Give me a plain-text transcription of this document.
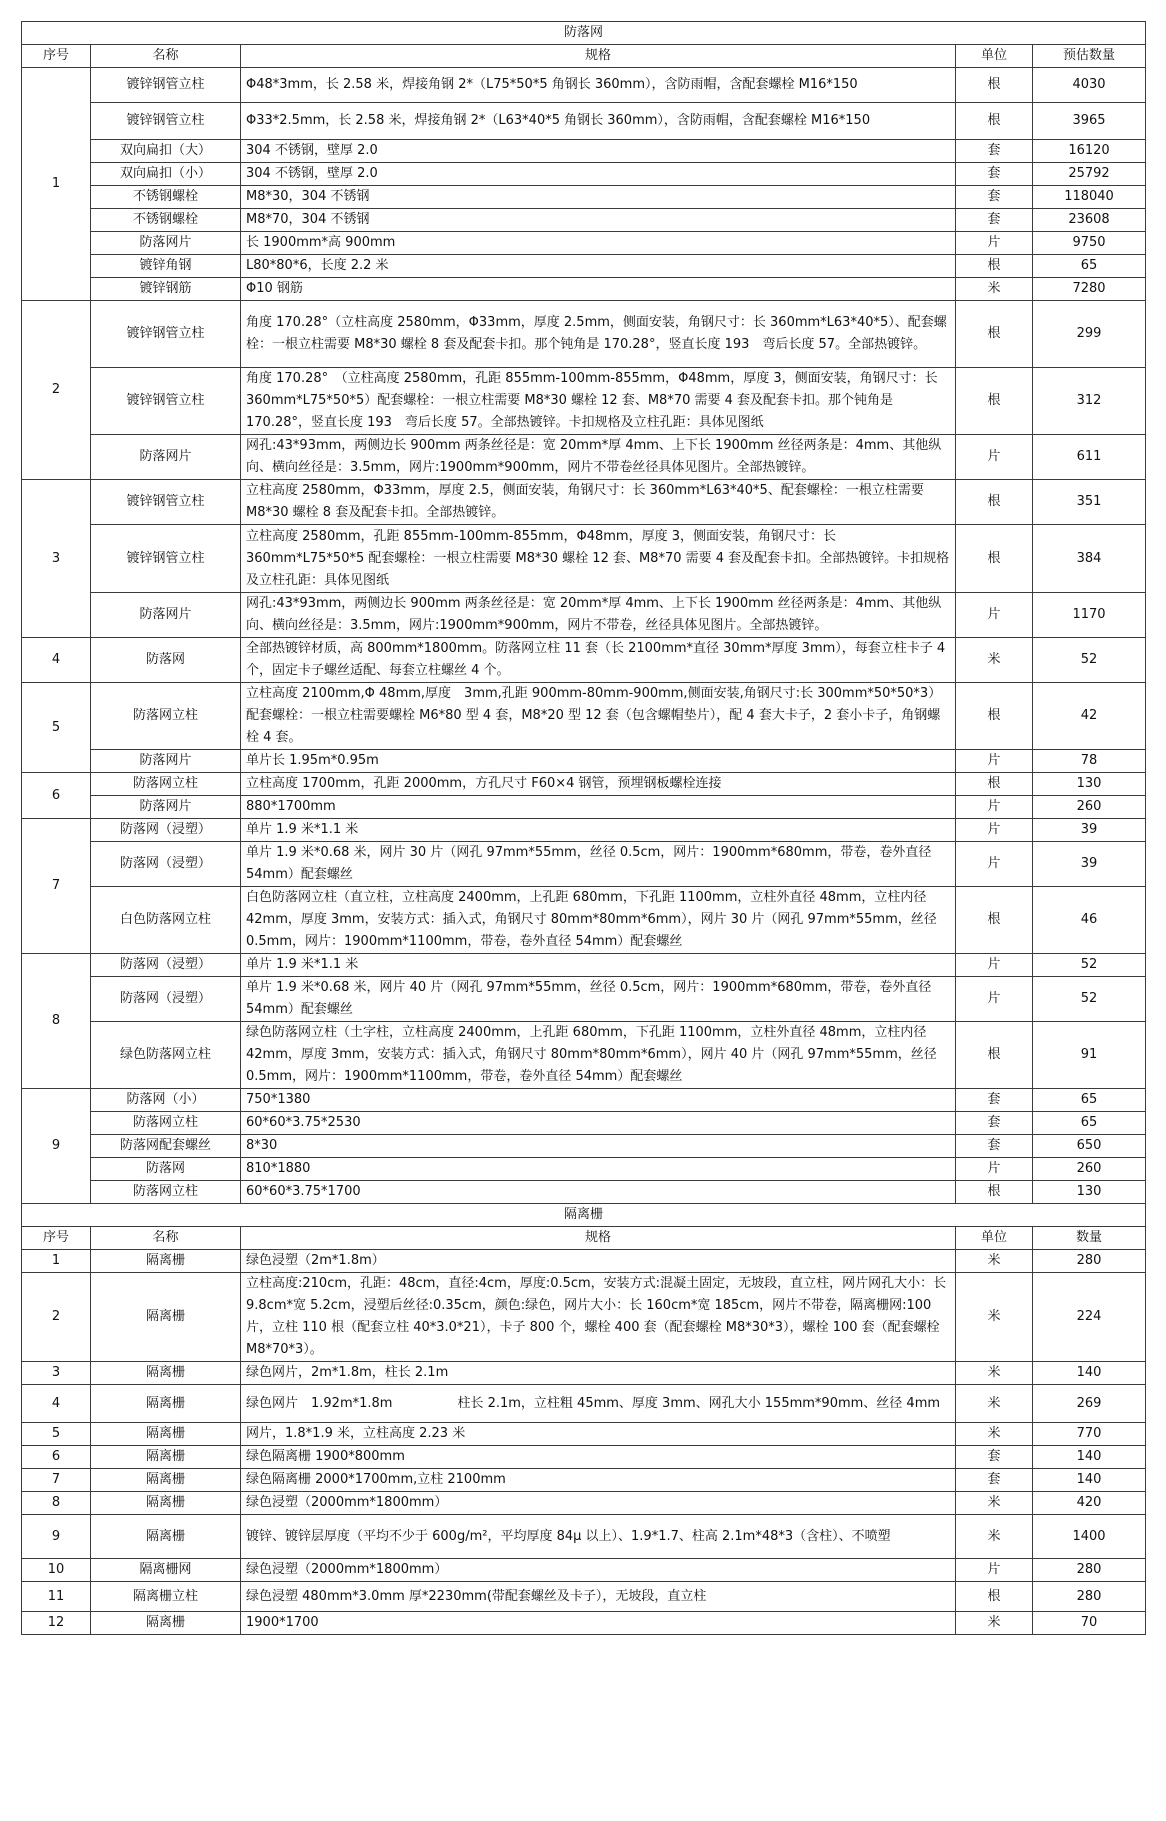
防落网				
序号	名称	规格	单位	预估数量
1	镀锌钢管立柱	Φ48*3mm，长 2.58 米，焊接角钢 2*（L75*50*5 角钢长 360mm），含防雨帽，含配套螺栓 M16*150	根	4030
	镀锌钢管立柱	Φ33*2.5mm，长 2.58 米，焊接角钢 2*（L63*40*5 角钢长 360mm），含防雨帽，含配套螺栓 M16*150	根	3965
	双向扁扣（大）	304 不锈钢，壁厚 2.0	套	16120
	双向扁扣（小）	304 不锈钢，壁厚 2.0	套	25792
	不锈钢螺栓	M8*30，304 不锈钢	套	118040
	不锈钢螺栓	M8*70，304 不锈钢	套	23608
	防落网片	长 1900mm*高 900mm	片	9750
	镀锌角钢	L80*80*6，长度 2.2 米	根	65
	镀锌钢筋	Φ10 钢筋	米	7280
2	镀锌钢管立柱	角度 170.28°（立柱高度 2580mm，Φ33mm，厚度 2.5mm，侧面安装，角钢尺寸：长 360mm*L63*40*5）、配套螺栓：一根立柱需要 M8*30 螺栓 8 套及配套卡扣。那个钝角是 170.28°，竖直长度 193　弯后长度 57。全部热镀锌。	根	299
	镀锌钢管立柱	角度 170.28°　（立柱高度 2580mm，孔距 855mm-100mm-855mm，Φ48mm，厚度 3，侧面安装，角钢尺寸：长 360mm*L75*50*5）配套螺栓：一根立柱需要 M8*30 螺栓 12 套、M8*70 需要 4 套及配套卡扣。那个钝角是 170.28°，竖直长度 193　弯后长度 57。全部热镀锌。卡扣规格及立柱孔距：具体见图纸	根	312
	防落网片	网孔:43*93mm，两侧边长 900mm 两条丝径是：宽 20mm*厚 4mm、上下长 1900mm 丝径两条是：4mm、其他纵向、横向丝径是：3.5mm，网片:1900mm*900mm，网片不带卷丝径具体见图片。全部热镀锌。	片	611
3	镀锌钢管立柱	立柱高度 2580mm，Φ33mm，厚度 2.5，侧面安装，角钢尺寸：长 360mm*L63*40*5、配套螺栓：一根立柱需要 M8*30 螺栓 8 套及配套卡扣。全部热镀锌。	根	351
	镀锌钢管立柱	立柱高度 2580mm，孔距 855mm-100mm-855mm，Φ48mm，厚度 3，侧面安装，角钢尺寸：长 360mm*L75*50*5 配套螺栓：一根立柱需要 M8*30 螺栓 12 套、M8*70 需要 4 套及配套卡扣。全部热镀锌。卡扣规格及立柱孔距：具体见图纸	根	384
	防落网片	网孔:43*93mm，两侧边长 900mm 两条丝径是：宽 20mm*厚 4mm、上下长 1900mm 丝径两条是：4mm、其他纵向、横向丝径是：3.5mm，网片:1900mm*900mm，网片不带卷，丝径具体见图片。全部热镀锌。	片	1170
4	防落网	全部热镀锌材质，高 800mm*1800mm。防落网立柱 11 套（长 2100mm*直径 30mm*厚度 3mm），每套立柱卡子 4 个，固定卡子螺丝适配、每套立柱螺丝 4 个。	米	52
5	防落网立柱	立柱高度 2100mm,Φ 48mm,厚度　3mm,孔距 900mm-80mm-900mm,侧面安装,角钢尺寸:长 300mm*50*50*3）配套螺栓：一根立柱需要螺栓 M6*80 型 4 套，M8*20 型 12 套（包含螺帽垫片），配 4 套大卡子，2 套小卡子，角钢螺栓 4 套。	根	42
	防落网片	单片长 1.95m*0.95m	片	78
6	防落网立柱	立柱高度 1700mm，孔距 2000mm，方孔尺寸 F60×4 钢管，预埋钢板螺栓连接	根	130
	防落网片	880*1700mm	片	260
7	防落网（浸塑）	单片 1.9 米*1.1 米	片	39
	防落网（浸塑）	单片 1.9 米*0.68 米，网片 30 片（网孔 97mm*55mm，丝径 0.5cm，网片：1900mm*680mm，带卷，卷外直径 54mm）配套螺丝	片	39
	白色防落网立柱	白色防落网立柱（直立柱，立柱高度 2400mm，上孔距 680mm，下孔距 1100mm，立柱外直径 48mm，立柱内径 42mm，厚度 3mm，安装方式：插入式，角钢尺寸 80mm*80mm*6mm），网片 30 片（网孔 97mm*55mm，丝径 0.5mm，网片：1900mm*1100mm，带卷，卷外直径 54mm）配套螺丝	根	46
8	防落网（浸塑）	单片 1.9 米*1.1 米	片	52
	防落网（浸塑）	单片 1.9 米*0.68 米，网片 40 片（网孔 97mm*55mm，丝径 0.5cm，网片：1900mm*680mm，带卷，卷外直径 54mm）配套螺丝	片	52
	绿色防落网立柱	绿色防落网立柱（土字柱，立柱高度 2400mm，上孔距 680mm，下孔距 1100mm，立柱外直径 48mm，立柱内径 42mm，厚度 3mm，安装方式：插入式，角钢尺寸 80mm*80mm*6mm），网片 40 片（网孔 97mm*55mm，丝径 0.5mm，网片：1900mm*1100mm，带卷，卷外直径 54mm）配套螺丝	根	91
9	防落网（小）	750*1380	套	65
	防落网立柱	60*60*3.75*2530	套	65
	防落网配套螺丝	8*30	套	650
	防落网	810*1880	片	260
	防落网立柱	60*60*3.75*1700	根	130
隔离栅				
序号	名称	规格	单位	数量
1	隔离栅	绿色浸塑（2m*1.8m）	米	280
2	隔离栅	立柱高度:210cm，孔距：48cm，直径:4cm，厚度:0.5cm，安装方式:混凝土固定，无坡段，直立柱，网片网孔大小：长 9.8cm*宽 5.2cm，浸塑后丝径:0.35cm，颜色:绿色，网片大小：长 160cm*宽 185cm，网片不带卷，隔离栅网:100 片，立柱 110 根（配套立柱 40*3.0*21），卡子 800 个，螺栓 400 套（配套螺栓 M8*30*3），螺栓 100 套（配套螺栓 M8*70*3）。	米	224
3	隔离栅	绿色网片，2m*1.8m，柱长 2.1m	米	140
4	隔离栅	绿色网片　1.92m*1.8m　　　　　柱长 2.1m，立柱粗 45mm、厚度 3mm、网孔大小 155mm*90mm、丝径 4mm	米	269
5	隔离栅	网片，1.8*1.9 米，立柱高度 2.23 米	米	770
6	隔离栅	绿色隔离栅 1900*800mm	套	140
7	隔离栅	绿色隔离栅 2000*1700mm,立柱 2100mm	套	140
8	隔离栅	绿色浸塑（2000mm*1800mm）	米	420
9	隔离栅	镀锌、镀锌层厚度（平均不少于 600g/m²，平均厚度 84μ 以上）、1.9*1.7、柱高 2.1m*48*3（含柱）、不喷塑	米	1400
10	隔离栅网	绿色浸塑（2000mm*1800mm）	片	280
11	隔离栅立柱	绿色浸塑 480mm*3.0mm 厚*2230mm(带配套螺丝及卡子），无坡段，直立柱	根	280
12	隔离栅	1900*1700	米	70
